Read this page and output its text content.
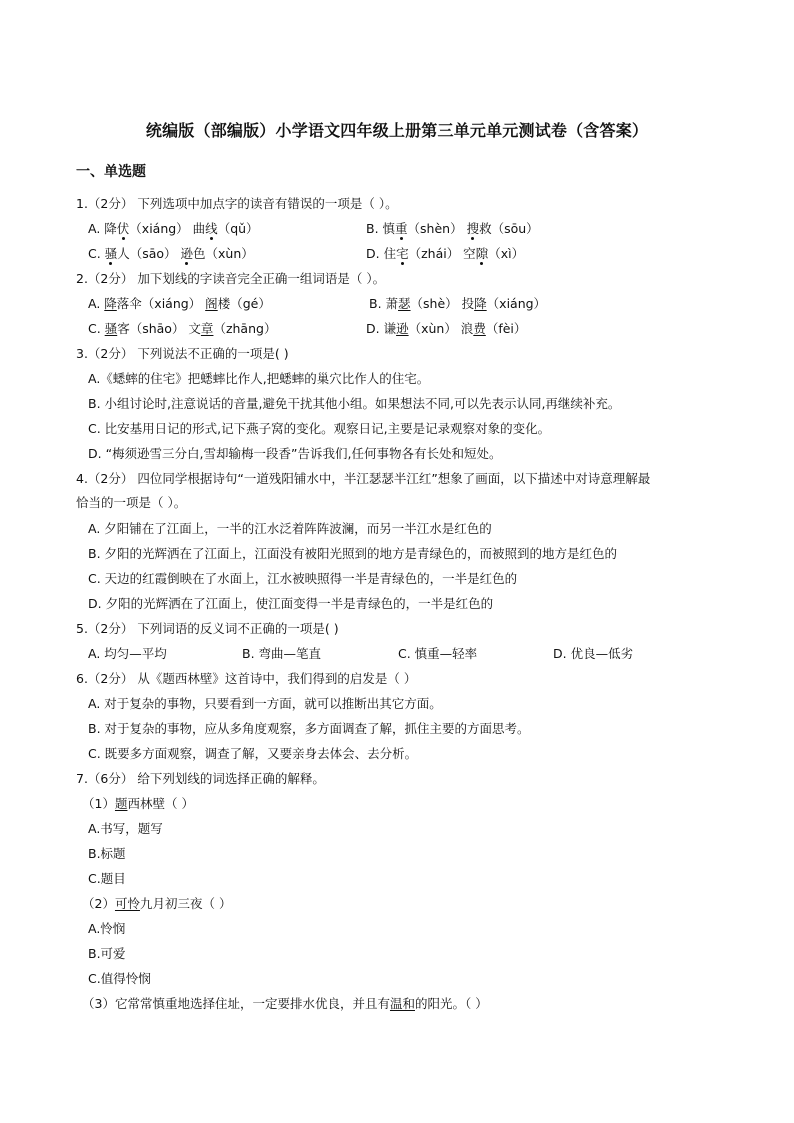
统编版（部编版）小学语文四年级上册第三单元单元测试卷（含答案）
一、单选题
1.（2分） 下列选项中加点字的读音有错误的一项是（ ）。
A. 降伏（xiáng） 曲线（qǔ）	B. 慎重（shèn） 搜救（sōu）
C. 骚人（sāo） 逊色（xùn）	D. 住宅（zhái） 空隙（xì）
2.（2分） 加下划线的字读音完全正确一组词语是（ ）。
A. 降落伞（xiáng） 阁楼（gé）	B. 萧瑟（shè） 投降（xiáng）
C. 骚客（shāo） 文章（zhāng）	D. 谦逊（xùn） 浪费（fèi）
3.（2分） 下列说法不正确的一项是( )
A.《蟋蟀的住宅》把蟋蟀比作人,把蟋蟀的巢穴比作人的住宅。
B. 小组讨论时,注意说话的音量,避免干扰其他小组。如果想法不同,可以先表示认同,再继续补充。
C. 比安基用日记的形式,记下燕子窝的变化。观察日记,主要是记录观察对象的变化。
D. “梅须逊雪三分白,雪却输梅一段香”告诉我们,任何事物各有长处和短处。
4.（2分） 四位同学根据诗句“一道残阳铺水中，半江瑟瑟半江红”想象了画面，以下描述中对诗意理解最
恰当的一项是（ ）。
A. 夕阳铺在了江面上，一半的江水泛着阵阵波澜，而另一半江水是红色的
B. 夕阳的光辉洒在了江面上，江面没有被阳光照到的地方是青绿色的，而被照到的地方是红色的
C. 天边的红霞倒映在了水面上，江水被映照得一半是青绿色的，一半是红色的
D. 夕阳的光辉洒在了江面上，使江面变得一半是青绿色的，一半是红色的
5.（2分） 下列词语的反义词不正确的一项是( )
A. 均匀—平均	B. 弯曲—笔直	C. 慎重—轻率	D. 优良—低劣
6.（2分） 从《题西林壁》这首诗中，我们得到的启发是（ ）
A. 对于复杂的事物，只要看到一方面，就可以推断出其它方面。
B. 对于复杂的事物，应从多角度观察，多方面调查了解，抓住主要的方面思考。
C. 既要多方面观察，调查了解，又要亲身去体会、去分析。
7.（6分） 给下列划线的词选择正确的解释。
（1）题西林壁（ ）
A.书写，题写
B.标题
C.题目
（2）可怜九月初三夜（ ）
A.怜悯
B.可爱
C.值得怜悯
（3）它常常慎重地选择住址，一定要排水优良，并且有温和的阳光。（ ）
